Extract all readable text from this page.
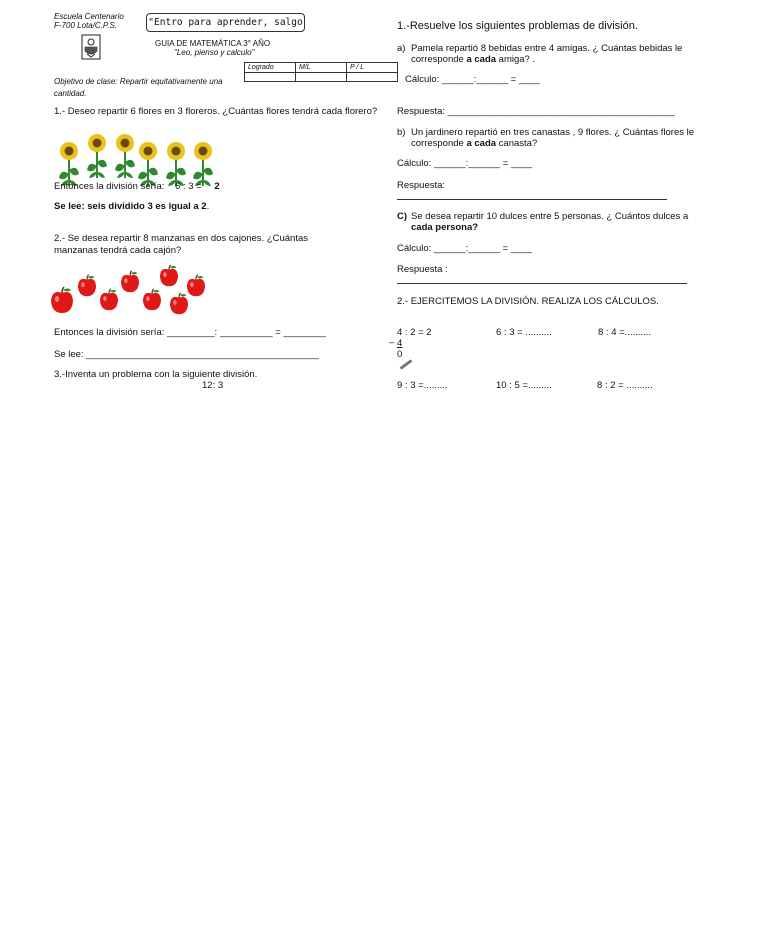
Escuela Centenario
F-700 Lota/C.P.S.	"Entro para aprender, salgo
GUIA DE MATEMÁTICA 3° AÑO
"Leo, pienso y calculo"
Logrado	M/L	P / L

Objetivo de clase: Repartir equitativamente una cantidad.
1.- Deseo repartir 6 flores en 3 floreros. ¿Cuántas flores tendrá cada florero?
Entonces la división sería: 6 : 3 = 2
Se lee: seis dividido 3 es igual a 2.
2.- Se desea repartir 8 manzanas en dos cajones. ¿Cuántas manzanas tendrá cada cajón?
Entonces la división sería: _________: __________ = ________
Se lee: ____________________________________________
3.-Inventa un problema con la siguiente división.
12: 3
1.-Resuelve los siguientes problemas de división.
a) Pamela repartió 8 bebidas entre 4 amigas. ¿ Cuántas bebidas le
corresponde a cada amiga? .
Cálculo: ______:______ = ____
Respuesta: ___________________________________________
b) Un jardinero repartió en tres canastas , 9 flores. ¿ Cuántas flores le
corresponde a cada canasta?
Cálculo: ______:______ = ____
Respuesta:
C) Se desea repartir 10 dulces entre 5 personas. ¿ Cuántos dulces a
cada persona?
Cálculo: ______:______ = ____
Respuesta :
2.- EJERCITEMOS LA DIVISIÓN. REALIZA LOS CÁLCULOS.
4 : 2 = 2	6 : 3 = ..........	8 : 4 =..........
– 4
0
9 : 3 =.........	10 : 5 =.........	8 : 2 = ..........
